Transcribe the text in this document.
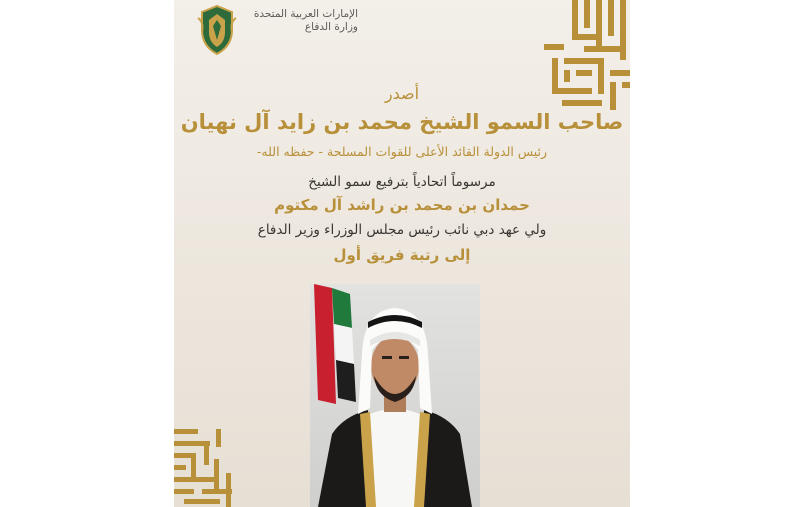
الإمارات العربية المتحدة
وزارة الدفاع
أصدر
صاحب السمو الشيخ محمد بن زايد آل نهيان
رئيس الدولة القائد الأعلى للقوات المسلحة - حفظه الله-
مرسوماً اتحادياً بترفيع سمو الشيخ
حمدان بن محمد بن راشد آل مكتوم
ولي عهد دبي نائب رئيس مجلس الوزراء وزير الدفاع
إلى رتبة فريق أول
